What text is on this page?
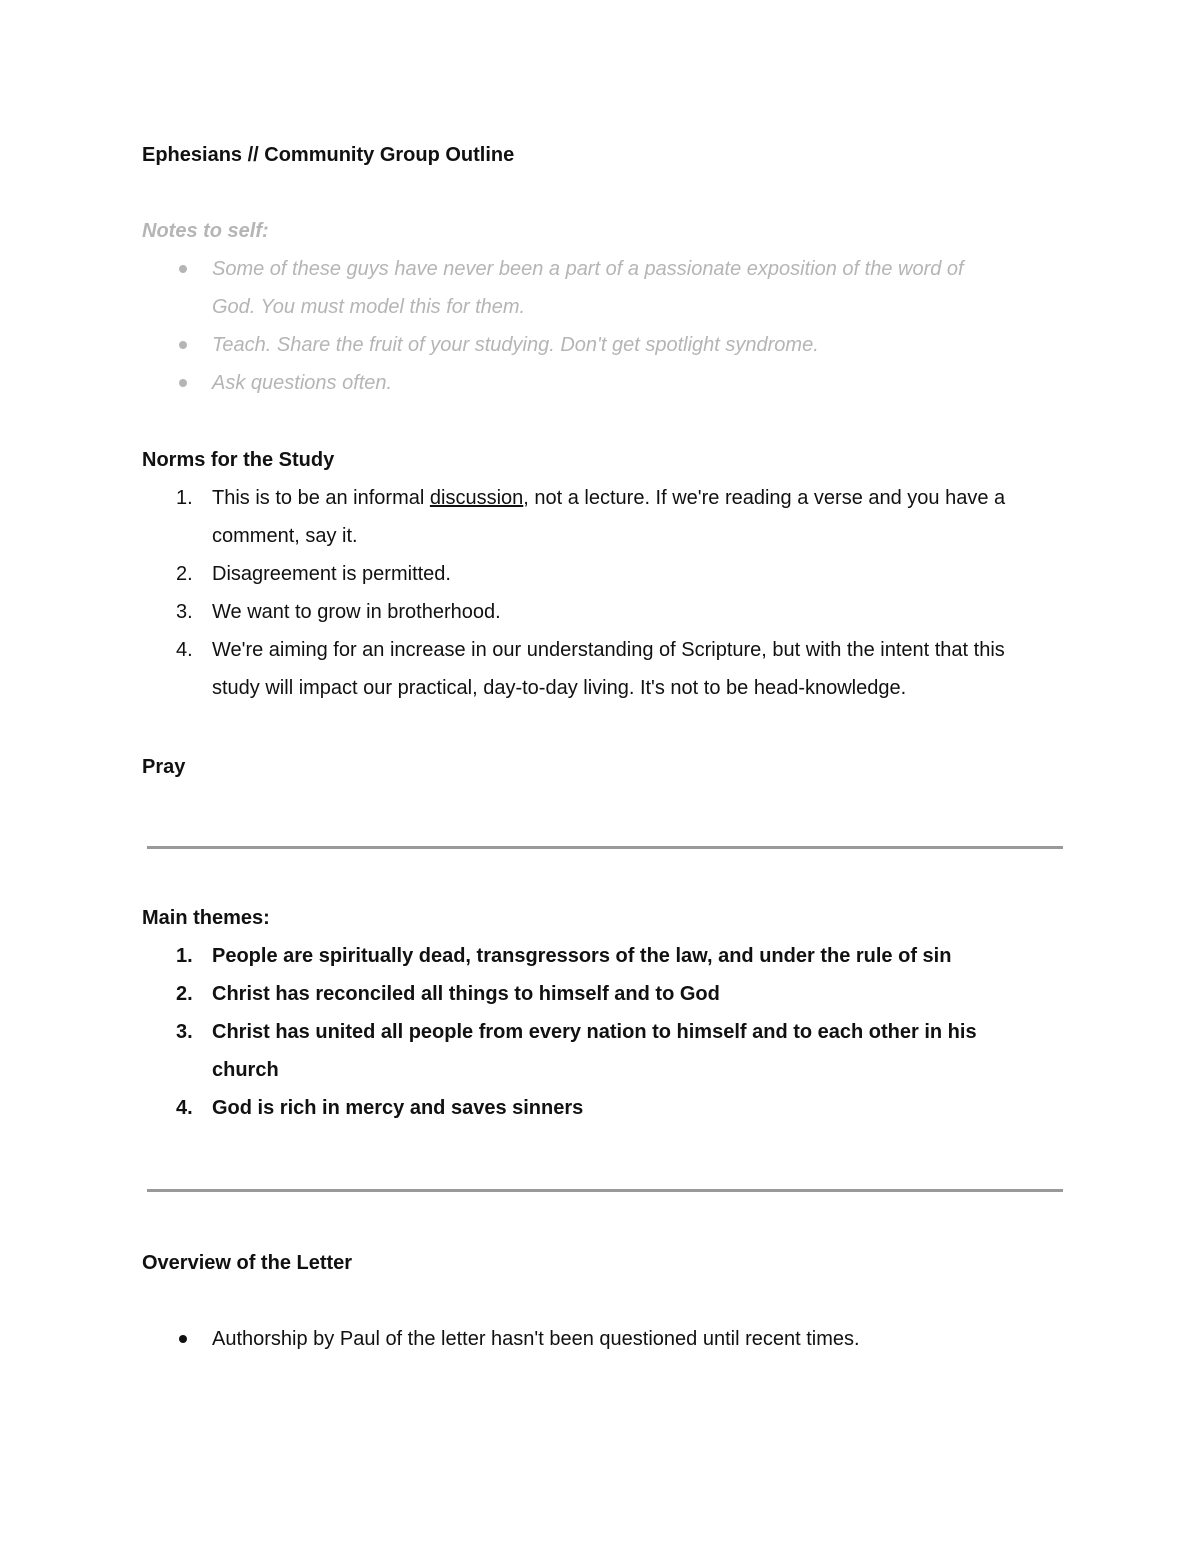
Ephesians // Community Group Outline

Notes to self:

Some of these guys have never been a part of a passionate exposition of the word of
God. You must model this for them.
Teach. Share the fruit of your studying. Don't get spotlight syndrome.
Ask questions often.

Norms for the Study

1. This is to be an informal discussion, not a lecture. If we're reading a verse and you have a
comment, say it.
2. Disagreement is permitted.
3. We want to grow in brotherhood.
4. We're aiming for an increase in our understanding of Scripture, but with the intent that this
study will impact our practical, day-to-day living. It's not to be head-knowledge.

Pray

Main themes:

1. People are spiritually dead, transgressors of the law, and under the rule of sin
2. Christ has reconciled all things to himself and to God
3. Christ has united all people from every nation to himself and to each other in his
church
4. God is rich in mercy and saves sinners

Overview of the Letter

Authorship by Paul of the letter hasn't been questioned until recent times.
